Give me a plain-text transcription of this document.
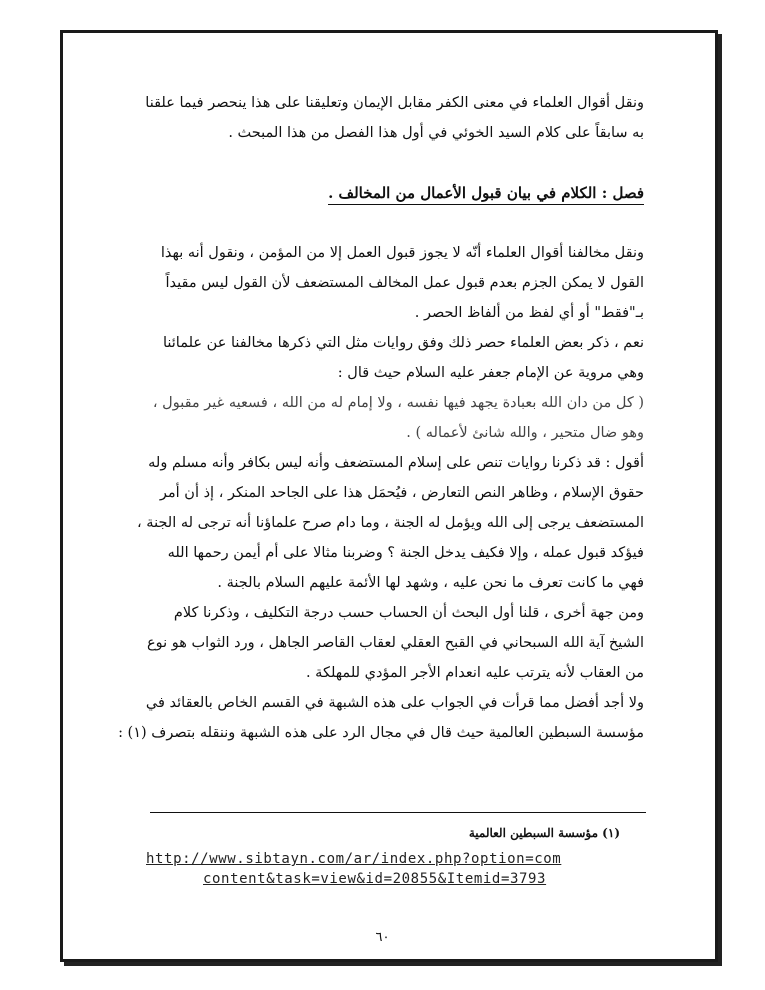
ونقل أقوال العلماء في معنى الكفر مقابل الإيمان وتعليقنا على هذا ينحصر فيما علقنا
به سابقاً على كلام السيد الخوئي في أول هذا الفصل من هذا المبحث .
فصل : الكلام في بيان قبول الأعمال من المخالف .
ونقل مخالفنا أقوال العلماء أنّه لا يجوز قبول العمل إلا من المؤمن ، ونقول أنه بهذا
القول لا يمكن الجزم بعدم قبول عمل المخالف المستضعف لأن القول ليس مقيداً
بـ"فقط" أو أي لفظ من ألفاظ الحصر .
نعم ، ذكر بعض العلماء حصر ذلك وفق روايات مثل التي ذكرها مخالفنا عن علمائنا
وهي مروية عن الإمام جعفر عليه السلام حيث قال :
( كل من دان الله بعبادة يجهد فيها نفسه ، ولا إمام له من الله ، فسعيه غير مقبول ،
وهو ضال متحير ، والله شانئ لأعماله ) .
أقول : قد ذكرنا روايات تنص على إسلام المستضعف وأنه ليس بكافر وأنه مسلم وله
حقوق الإسلام ، وظاهر النص التعارض ، فيُحمَل هذا على الجاحد المنكر ، إذ أن أمر
المستضعف يرجى إلى الله ويؤمل له الجنة ، وما دام صرح علماؤنا أنه ترجى له الجنة ،
فيؤكد قبول عمله ، وإلا فكيف يدخل الجنة ؟ وضربنا مثالا على أم أيمن رحمها الله
فهي ما كانت تعرف ما نحن عليه ، وشهد لها الأئمة عليهم السلام بالجنة .
ومن جهة أخرى ، قلنا أول البحث أن الحساب حسب درجة التكليف ، وذكرنا كلام
الشيخ آية الله السبحاني في القبح العقلي لعقاب القاصر الجاهل ، ورد الثواب هو نوع
من العقاب لأنه يترتب عليه انعدام الأجر المؤدي للمهلكة .
ولا أجد أفضل مما قرأت في الجواب على هذه الشبهة في القسم الخاص بالعقائد في
مؤسسة السبطين العالمية حيث قال في مجال الرد على هذه الشبهة وننقله بتصرف (١) :
(١) مؤسسة السبطين العالمية
http://www.sibtayn.com/ar/index.php?option=com
content&task=view&id=20855&Itemid=3793
٦٠
